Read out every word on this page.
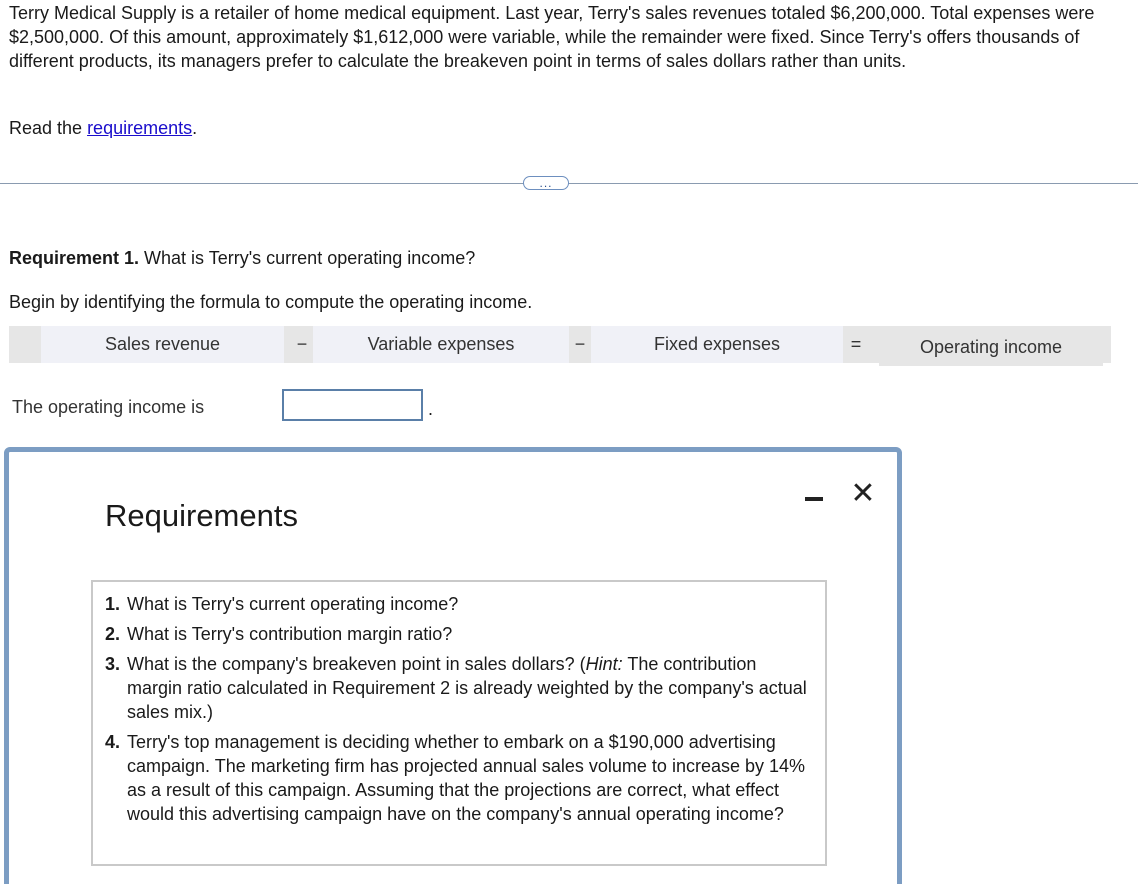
Terry Medical Supply is a retailer of home medical equipment. Last year, Terry's sales revenues totaled $6,200,000. Total expenses were $2,500,000. Of this amount, approximately $1,612,000 were variable, while the remainder were fixed. Since Terry's offers thousands of different products, its managers prefer to calculate the breakeven point in terms of sales dollars rather than units.

Read the requirements.

...

Requirement 1. What is Terry's current operating income?

Begin by identifying the formula to compute the operating income.

Sales revenue	−	Variable expenses	−	Fixed expenses	=	Operating income
The operating income is	.
Requirements
✕
1. What is Terry's current operating income?
2. What is Terry's contribution margin ratio?
3. What is the company's breakeven point in sales dollars? (Hint: The contribution margin ratio calculated in Requirement 2 is already weighted by the company's actual sales mix.)
4. Terry's top management is deciding whether to embark on a $190,000 advertising campaign. The marketing firm has projected annual sales volume to increase by 14% as a result of this campaign. Assuming that the projections are correct, what effect would this advertising campaign have on the company's annual operating income?
